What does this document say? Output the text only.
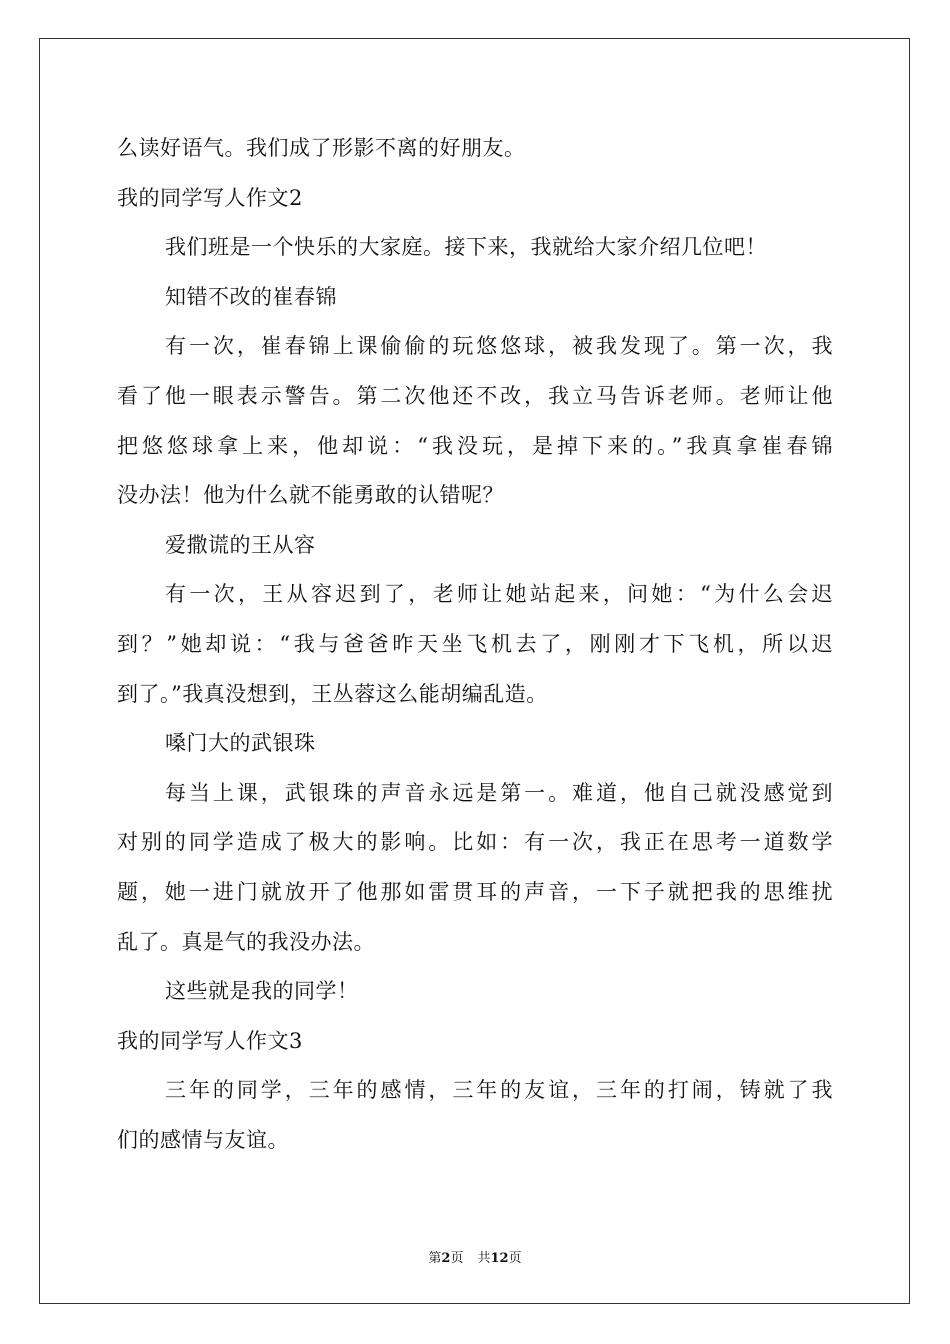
么读好语气。我们成了形影不离的好朋友。
我的同学写人作文2
我们班是一个快乐的大家庭。接下来，我就给大家介绍几位吧！
知错不改的崔春锦
有一次，崔春锦上课偷偷的玩悠悠球，被我发现了。第一次，我
看了他一眼表示警告。第二次他还不改，我立马告诉老师。老师让他
把悠悠球拿上来，他却说：“我没玩，是掉下来的。”我真拿崔春锦
没办法！他为什么就不能勇敢的认错呢？
爱撒谎的王从容
有一次，王从容迟到了，老师让她站起来，问她：“为什么会迟
到？”她却说：“我与爸爸昨天坐飞机去了，刚刚才下飞机，所以迟
到了。”我真没想到，王丛蓉这么能胡编乱造。
嗓门大的武银珠
每当上课，武银珠的声音永远是第一。难道，他自己就没感觉到
对别的同学造成了极大的影响。比如：有一次，我正在思考一道数学
题，她一进门就放开了他那如雷贯耳的声音，一下子就把我的思维扰
乱了。真是气的我没办法。
这些就是我的同学！
我的同学写人作文3
三年的同学，三年的感情，三年的友谊，三年的打闹，铸就了我
们的感情与友谊。
第2页 共12页
